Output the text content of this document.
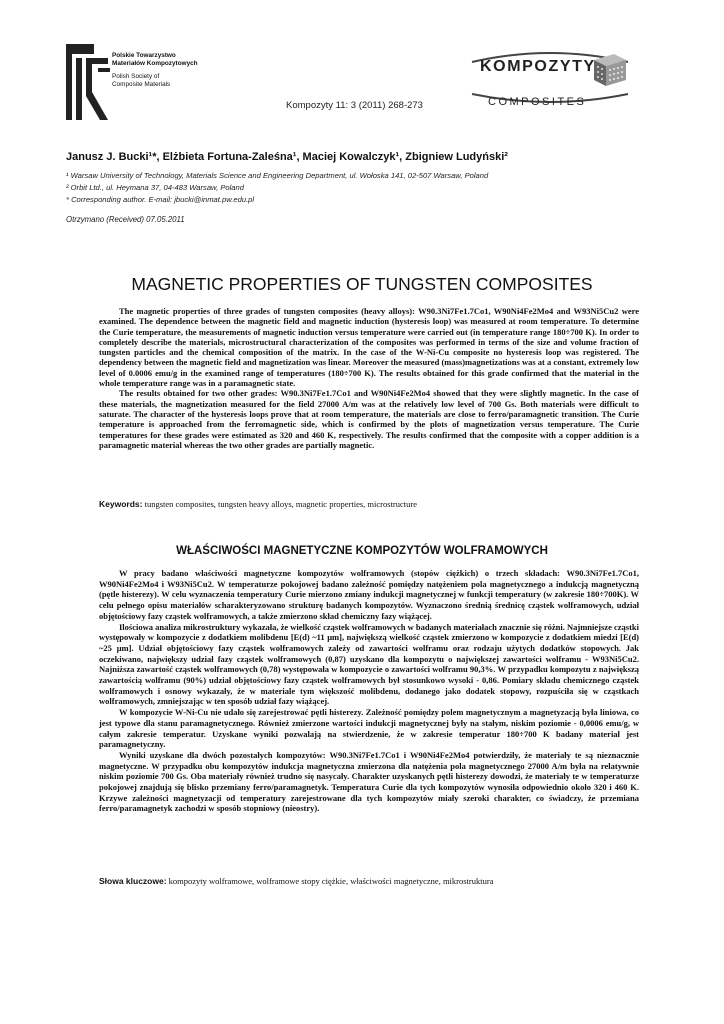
Polskie Towarzystwo
Materiałów Kompozytowych
Polish Society of
Composite Materials
Kompozyty 11: 3 (2011) 268-273
KOMPOZYTY
COMPOSITES
Janusz J. Bucki¹*, Elżbieta Fortuna-Zaleśna¹, Maciej Kowalczyk¹, Zbigniew Ludyński²
¹ Warsaw University of Technology, Materials Science and Engineering Department, ul. Wołoska 141, 02-507 Warsaw, Poland
² Orbit Ltd., ul. Heymana 37, 04-483 Warsaw, Poland
* Corresponding author. E-mail: jbucki@inmat.pw.edu.pl
Otrzymano (Received) 07.05.2011
MAGNETIC PROPERTIES OF TUNGSTEN COMPOSITES

The magnetic properties of three grades of tungsten composites (heavy alloys): W90.3Ni7Fe1.7Co1, W90Ni4Fe2Mo4 and W93Ni5Cu2 were examined. The dependence between the magnetic field and magnetic induction (hysteresis loop) was measured at room temperature. To determine the Curie temperature, the measurements of magnetic induction versus temperature were carried out (in temperature range 180÷700 K). In order to completely describe the materials, microstructural characterization of the composites was performed in terms of the size and volume fraction of tungsten particles and the chemical composition of the matrix. In the case of the W-Ni-Cu composite no hysteresis loop was registered. The dependency between the magnetic field and magnetization was linear. Moreover the measured (mass)magnetizations was at a constant, extremely low level of 0.0006 emu/g in the examined range of temperatures (180÷700 K). The results obtained for this grade confirmed that the material in the whole temperature range was in a paramagnetic state.

The results obtained for two other grades: W90.3Ni7Fe1.7Co1 and W90Ni4Fe2Mo4 showed that they were slightly magnetic. In the case of these materials, the magnetization measured for the field 27000 A/m was at the relatively low level of 700 Gs. Both materials were difficult to saturate. The character of the hysteresis loops prove that at room temperature, the materials are close to ferro/paramagnetic transition. The Curie temperature is approached from the ferromagnetic side, which is confirmed by the plots of magnetization versus temperature. The Curie temperatures for these grades were estimated as 320 and 460 K, respectively. The results confirmed that the composite with a copper addition is a paramagnetic material whereas the two other grades are partially magnetic.

Keywords: tungsten composites, tungsten heavy alloys, magnetic properties, microstructure
WŁAŚCIWOŚCI MAGNETYCZNE KOMPOZYTÓW WOLFRAMOWYCH

W pracy badano właściwości magnetyczne kompozytów wolframowych (stopów ciężkich) o trzech składach: W90.3Ni7Fe1.7Co1, W90Ni4Fe2Mo4 i W93Ni5Cu2. W temperaturze pokojowej badano zależność pomiędzy natężeniem pola magnetycznego a indukcją magnetyczną (pętle histerezy). W celu wyznaczenia temperatury Curie mierzono zmiany indukcji magnetycznej w funkcji temperatury (w zakresie 180÷700K). W celu pełnego opisu materiałów scharakteryzowano strukturę badanych kompozytów. Wyznaczono średnią średnicę cząstek wolframowych, udział objętościowy fazy cząstek wolframowych, a także zmierzono skład chemiczny fazy wiążącej.

Ilościowa analiza mikrostruktury wykazała, że wielkość cząstek wolframowych w badanych materiałach znacznie się różni. Najmniejsze cząstki występowały w kompozycie z dodatkiem molibdenu [E(d) ~11 μm], największą wielkość cząstek zmierzono w kompozycie z dodatkiem miedzi [E(d) ~25 μm]. Udział objętościowy fazy cząstek wolframowych zależy od zawartości wolframu oraz rodzaju użytych dodatków stopowych. Jak oczekiwano, największy udział fazy cząstek wolframowych (0,87) uzyskano dla kompozytu o największej zawartości wolframu - W93Ni5Cu2. Najniższa zawartość cząstek wolframowych (0,78) występowała w kompozycie o zawartości wolframu 90,3%. W przypadku kompozytu z największą zawartością wolframu (90%) udział objętościowy fazy cząstek wolframowych był stosunkowo wysoki - 0,86. Pomiary składu chemicznego cząstek wolframowych i osnowy wykazały, że w materiale tym większość molibdenu, dodanego jako dodatek stopowy, rozpuściła się w cząstkach wolframowych, zmniejszając w ten sposób udział fazy wiążącej.

W kompozycie W-Ni-Cu nie udało się zarejestrować pętli histerezy. Zależność pomiędzy polem magnetycznym a magnetyzacją była liniowa, co jest typowe dla stanu paramagnetycznego. Również zmierzone wartości indukcji magnetycznej były na stałym, niskim poziomie - 0,0006 emu/g, w całym zakresie temperatur. Uzyskane wyniki pozwalają na stwierdzenie, że w zakresie temperatur 180÷700 K badany materiał jest paramagnetyczny.

Wyniki uzyskane dla dwóch pozostałych kompozytów: W90.3Ni7Fe1.7Co1 i W90Ni4Fe2Mo4 potwierdziły, że materiały te są nieznacznie magnetyczne. W przypadku obu kompozytów indukcja magnetyczna zmierzona dla natężenia pola magnetycznego 27000 A/m była na relatywnie niskim poziomie 700 Gs. Oba materiały również trudno się nasycały. Charakter uzyskanych pętli histerezy dowodzi, że materiały te w temperaturze pokojowej znajdują się blisko przemiany ferro/paramagnetyk. Temperatura Curie dla tych kompozytów wynosiła odpowiednio około 320 i 460 K. Krzywe zależności magnetyzacji od temperatury zarejestrowane dla tych kompozytów miały szeroki charakter, co świadczy, że przemiana ferro/paramagnetyk zachodzi w sposób stopniowy (nieostry).

Słowa kluczowe: kompozyty wolframowe, wolframowe stopy ciężkie, właściwości magnetyczne, mikrostruktura
